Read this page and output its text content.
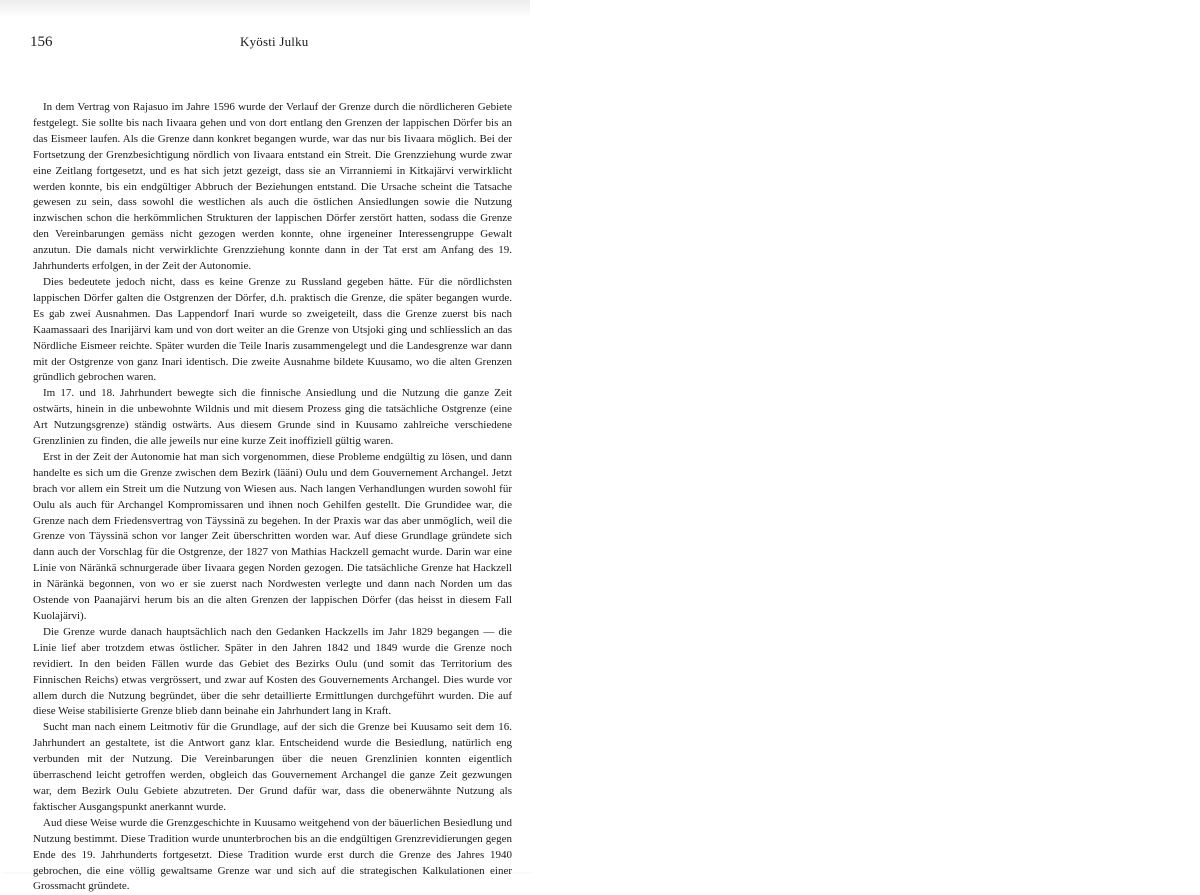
156	Kyösti Julku

In dem Vertrag von Rajasuo im Jahre 1596 wurde der Verlauf der Grenze durch die nördlicheren Gebiete festgelegt. Sie sollte bis nach Iivaara gehen und von dort entlang den Grenzen der lappischen Dörfer bis an das Eismeer laufen. Als die Grenze dann konkret begangen wurde, war das nur bis Iivaara möglich. Bei der Fortsetzung der Grenzbesichtigung nördlich von Iivaara entstand ein Streit. Die Grenzziehung wurde zwar eine Zeitlang fortgesetzt, und es hat sich jetzt gezeigt, dass sie an Virranniemi in Kitkajärvi verwirklicht werden konnte, bis ein endgültiger Abbruch der Beziehungen entstand. Die Ursache scheint die Tatsache gewesen zu sein, dass sowohl die westlichen als auch die östlichen Ansiedlungen sowie die Nutzung inzwischen schon die herkömmlichen Strukturen der lappischen Dörfer zerstört hatten, sodass die Grenze den Vereinbarungen gemäss nicht gezogen werden konnte, ohne irgeneiner Interessengruppe Gewalt anzutun. Die damals nicht verwirklichte Grenzziehung konnte dann in der Tat erst am Anfang des 19. Jahrhunderts erfolgen, in der Zeit der Autonomie.

Dies bedeutete jedoch nicht, dass es keine Grenze zu Russland gegeben hätte. Für die nördlichsten lappischen Dörfer galten die Ostgrenzen der Dörfer, d.h. praktisch die Grenze, die später begangen wurde. Es gab zwei Ausnahmen. Das Lappendorf Inari wurde so zweigeteilt, dass die Grenze zuerst bis nach Kaamassaari des Inarijärvi kam und von dort weiter an die Grenze von Utsjoki ging und schliesslich an das Nördliche Eismeer reichte. Später wurden die Teile Inaris zusammengelegt und die Landesgrenze war dann mit der Ostgrenze von ganz Inari identisch. Die zweite Ausnahme bildete Kuusamo, wo die alten Grenzen gründlich gebrochen waren.

Im 17. und 18. Jahrhundert bewegte sich die finnische Ansiedlung und die Nutzung die ganze Zeit ostwärts, hinein in die unbewohnte Wildnis und mit diesem Prozess ging die tatsächliche Ostgrenze (eine Art Nutzungsgrenze) ständig ostwärts. Aus diesem Grunde sind in Kuusamo zahlreiche verschiedene Grenzlinien zu finden, die alle jeweils nur eine kurze Zeit inoffiziell gültig waren.

Erst in der Zeit der Autonomie hat man sich vorgenommen, diese Probleme endgültig zu lösen, und dann handelte es sich um die Grenze zwischen dem Bezirk (lääni) Oulu und dem Gouvernement Archangel. Jetzt brach vor allem ein Streit um die Nutzung von Wiesen aus. Nach langen Verhandlungen wurden sowohl für Oulu als auch für Archangel Kompromissaren und ihnen noch Gehilfen gestellt. Die Grundidee war, die Grenze nach dem Friedensvertrag von Täyssinä zu begehen. In der Praxis war das aber unmöglich, weil die Grenze von Täyssinä schon vor langer Zeit überschritten worden war. Auf diese Grundlage gründete sich dann auch der Vorschlag für die Ostgrenze, der 1827 von Mathias Hackzell gemacht wurde. Darin war eine Linie von Näränkä schnurgerade über Iivaara gegen Norden gezogen. Die tatsächliche Grenze hat Hackzell in Näränkä begonnen, von wo er sie zuerst nach Nordwesten verlegte und dann nach Norden um das Ostende von Paanajärvi herum bis an die alten Grenzen der lappischen Dörfer (das heisst in diesem Fall Kuolajärvi).

Die Grenze wurde danach hauptsächlich nach den Gedanken Hackzells im Jahr 1829 begangen — die Linie lief aber trotzdem etwas östlicher. Später in den Jahren 1842 und 1849 wurde die Grenze noch revidiert. In den beiden Fällen wurde das Gebiet des Bezirks Oulu (und somit das Territorium des Finnischen Reichs) etwas vergrössert, und zwar auf Kosten des Gouvernements Archangel. Dies wurde vor allem durch die Nutzung begründet, über die sehr detaillierte Ermittlungen durchgeführt wurden. Die auf diese Weise stabilisierte Grenze blieb dann beinahe ein Jahrhundert lang in Kraft.

Sucht man nach einem Leitmotiv für die Grundlage, auf der sich die Grenze bei Kuusamo seit dem 16. Jahrhundert an gestaltete, ist die Antwort ganz klar. Entscheidend wurde die Besiedlung, natürlich eng verbunden mit der Nutzung. Die Vereinbarungen über die neuen Grenzlinien konnten eigentlich überraschend leicht getroffen werden, obgleich das Gouvernement Archangel die ganze Zeit gezwungen war, dem Bezirk Oulu Gebiete abzutreten. Der Grund dafür war, dass die obenerwähnte Nutzung als faktischer Ausgangspunkt anerkannt wurde.

Aud diese Weise wurde die Grenzgeschichte in Kuusamo weitgehend von der bäuerlichen Besiedlung und Nutzung bestimmt. Diese Tradition wurde ununterbrochen bis an die endgültigen Grenzrevidierungen gegen Ende des 19. Jahrhunderts fortgesetzt. Diese Tradition wurde erst durch die Grenze des Jahres 1940 gebrochen, die eine völlig gewaltsame Grenze war und sich auf die strategischen Kalkulationen einer Grossmacht gründete.
